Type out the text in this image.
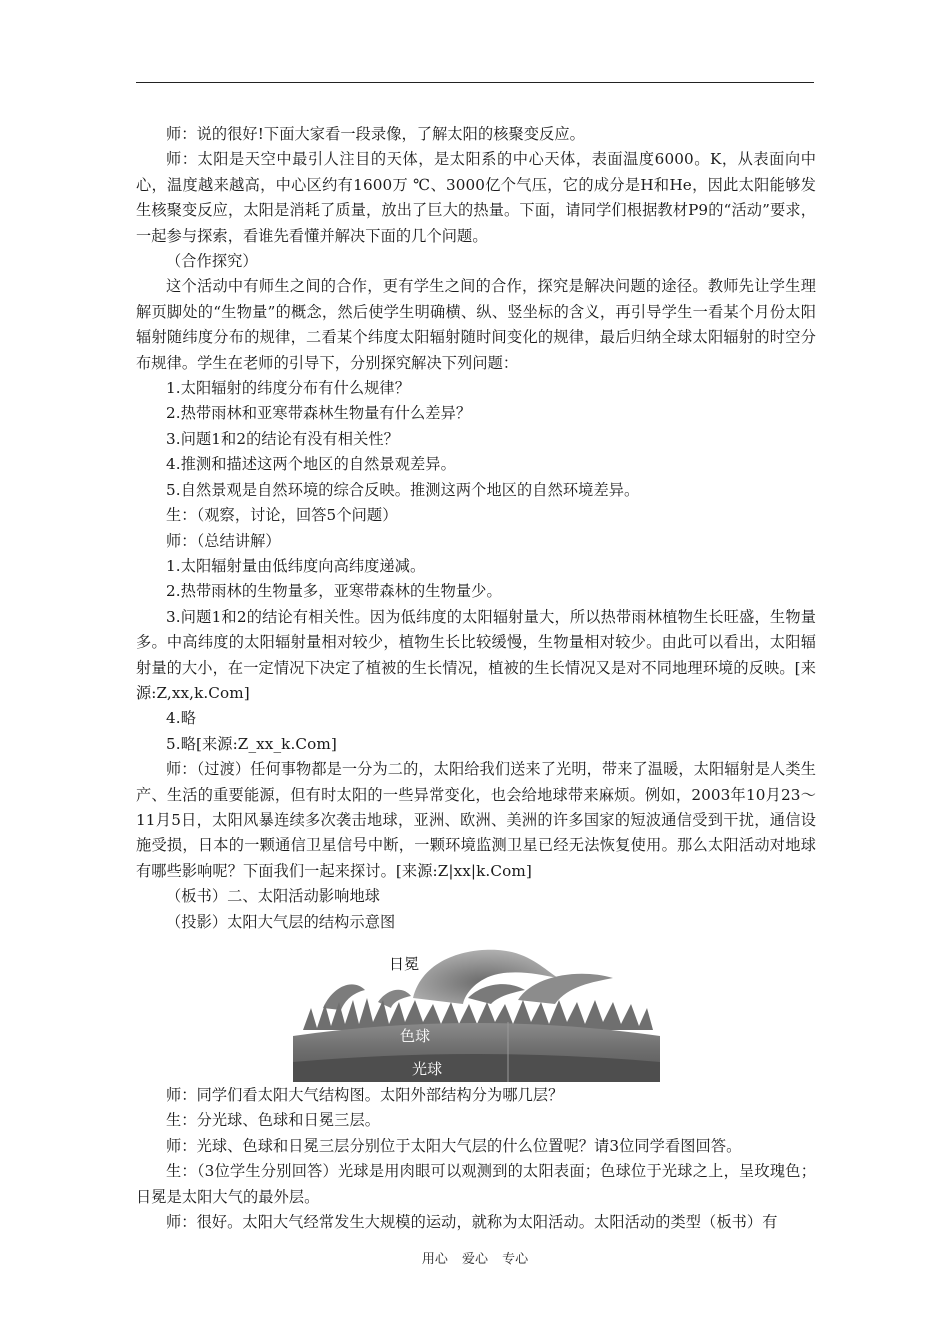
师：说的很好!下面大家看一段录像，了解太阳的核聚变反应。

师：太阳是天空中最引人注目的天体，是太阳系的中心天体，表面温度6000。K，从表面向中心，温度越来越高，中心区约有1600万 ℃、3000亿个气压，它的成分是H和He，因此太阳能够发生核聚变反应，太阳是消耗了质量，放出了巨大的热量。下面，请同学们根据教材P9的“活动”要求，一起参与探索，看谁先看懂并解决下面的几个问题。

（合作探究）

这个活动中有师生之间的合作，更有学生之间的合作，探究是解决问题的途径。教师先让学生理解页脚处的“生物量”的概念，然后使学生明确横、纵、竖坐标的含义，再引导学生一看某个月份太阳辐射随纬度分布的规律，二看某个纬度太阳辐射随时间变化的规律，最后归纳全球太阳辐射的时空分布规律。学生在老师的引导下，分别探究解决下列问题：

1.太阳辐射的纬度分布有什么规律？

2.热带雨林和亚寒带森林生物量有什么差异？

3.问题1和2的结论有没有相关性？

4.推测和描述这两个地区的自然景观差异。

5.自然景观是自然环境的综合反映。推测这两个地区的自然环境差异。

生：（观察，讨论，回答5个问题）

师：（总结讲解）

1.太阳辐射量由低纬度向高纬度递减。

2.热带雨林的生物量多，亚寒带森林的生物量少。

3.问题1和2的结论有相关性。因为低纬度的太阳辐射量大，所以热带雨林植物生长旺盛，生物量多。中高纬度的太阳辐射量相对较少，植物生长比较缓慢，生物量相对较少。由此可以看出，太阳辐射量的大小，在一定情况下决定了植被的生长情况，植被的生长情况又是对不同地理环境的反映。[来源:Z,xx,k.Com]

4.略

5.略[来源:Z_xx_k.Com]

师：（过渡）任何事物都是一分为二的，太阳给我们送来了光明，带来了温暖，太阳辐射是人类生产、生活的重要能源，但有时太阳的一些异常变化，也会给地球带来麻烦。例如，2003年10月23～11月5日，太阳风暴连续多次袭击地球，亚洲、欧洲、美洲的许多国家的短波通信受到干扰，通信设施受损，日本的一颗通信卫星信号中断，一颗环境监测卫星已经无法恢复使用。那么太阳活动对地球有哪些影响呢？下面我们一起来探讨。[来源:Z|xx|k.Com]

（板书）二、太阳活动影响地球

（投影）太阳大气层的结构示意图

日冕
色球
光球

师：同学们看太阳大气结构图。太阳外部结构分为哪几层？

生：分光球、色球和日冕三层。

师：光球、色球和日冕三层分别位于太阳大气层的什么位置呢？请3位同学看图回答。

生：（3位学生分别回答）光球是用肉眼可以观测到的太阳表面；色球位于光球之上，呈玫瑰色；日冕是太阳大气的最外层。

师：很好。太阳大气经常发生大规模的运动，就称为太阳活动。太阳活动的类型（板书）有

用心 爱心 专心
